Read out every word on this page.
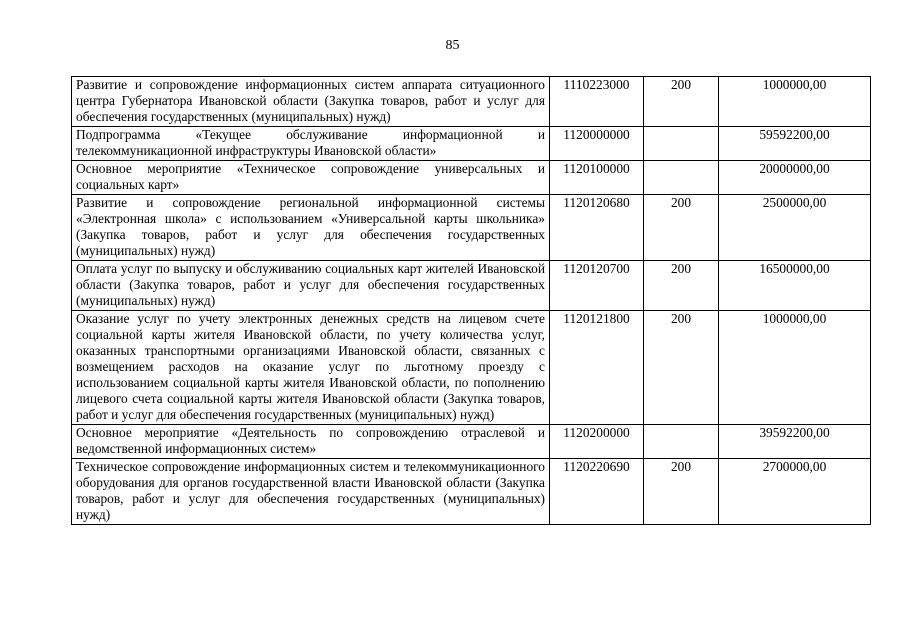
85
Развитие и сопровождение информационных систем аппарата ситуационного центра Губернатора Ивановской области (Закупка товаров, работ и услуг для обеспечения государственных (муниципальных) нужд)	1110223000	200	1000000,00
Подпрограмма «Текущее обслуживание информационной и телекоммуникационной инфраструктуры Ивановской области»	1120000000		59592200,00
Основное мероприятие «Техническое сопровождение универсальных и социальных карт»	1120100000		20000000,00
Развитие и сопровождение региональной информационной системы «Электронная школа» с использованием «Универсальной карты школьника» (Закупка товаров, работ и услуг для обеспечения государственных (муниципальных) нужд)	1120120680	200	2500000,00
Оплата услуг по выпуску и обслуживанию социальных карт жителей Ивановской области (Закупка товаров, работ и услуг для обеспечения государственных (муниципальных) нужд)	1120120700	200	16500000,00
Оказание услуг по учету электронных денежных средств на лицевом счете социальной карты жителя Ивановской области, по учету количества услуг, оказанных транспортными организациями Ивановской области, связанных с возмещением расходов на оказание услуг по льготному проезду с использованием социальной карты жителя Ивановской области, по пополнению лицевого счета социальной карты жителя Ивановской области (Закупка товаров, работ и услуг для обеспечения государственных (муниципальных) нужд)	1120121800	200	1000000,00
Основное мероприятие «Деятельность по сопровождению отраслевой и ведомственной информационных систем»	1120200000		39592200,00
Техническое сопровождение информационных систем и телекоммуникационного оборудования для органов государственной власти Ивановской области (Закупка товаров, работ и услуг для обеспечения государственных (муниципальных) нужд)	1120220690	200	2700000,00
